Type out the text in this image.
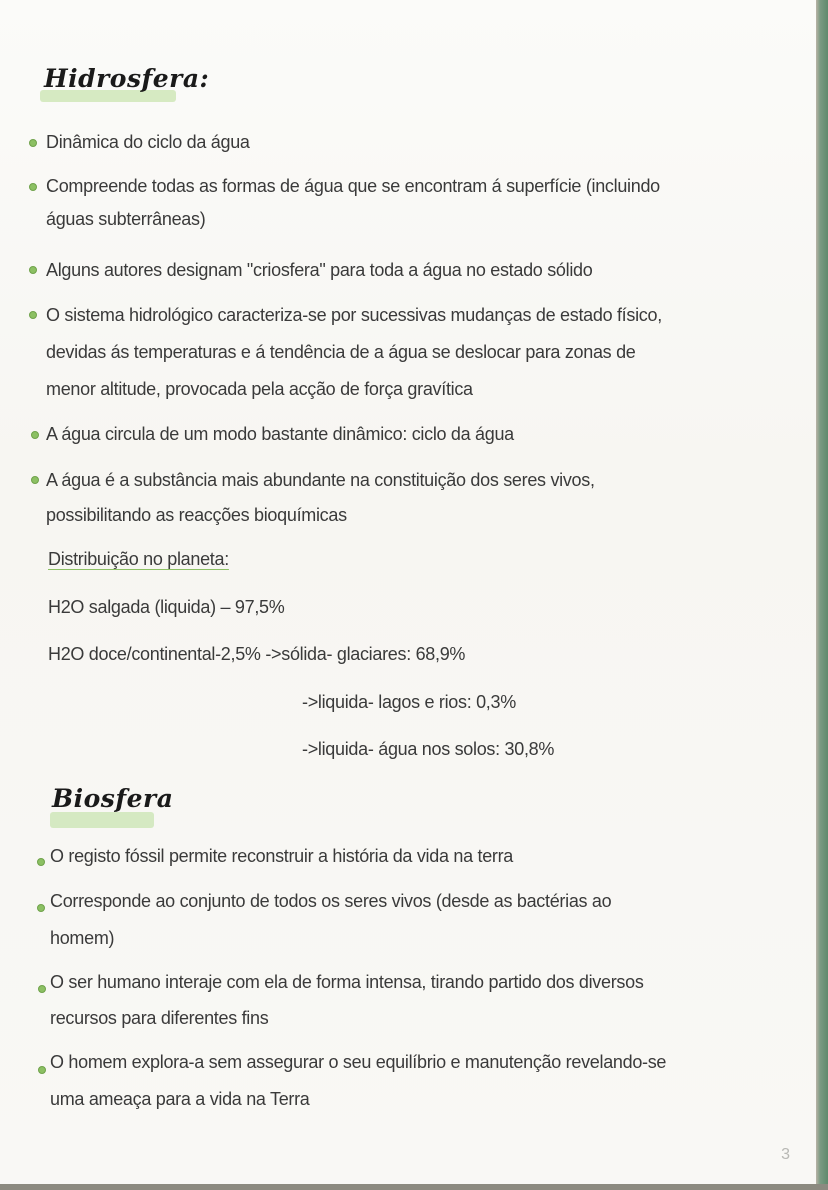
Hidrosfera:
Dinâmica do ciclo da água
Compreende todas as formas de água que se encontram á superfície (incluindo
águas subterrâneas)
Alguns autores designam "criosfera" para toda a água no estado sólido
O sistema hidrológico caracteriza-se por sucessivas mudanças de estado físico,
devidas ás temperaturas e á tendência de a água se deslocar para zonas de
menor altitude, provocada pela acção de força gravítica
A água circula de um modo bastante dinâmico: ciclo da água
A água é a substância mais abundante na constituição dos seres vivos,
possibilitando as reacções bioquímicas
Distribuição no planeta:
H2O salgada (liquida) – 97,5%
H2O doce/continental-2,5% ->sólida- glaciares: 68,9%
->liquida- lagos e rios: 0,3%
->liquida- água nos solos: 30,8%
Biosfera
O registo fóssil permite reconstruir a história da vida na terra
Corresponde ao conjunto de todos os seres vivos (desde as bactérias ao
homem)
O ser humano interaje com ela de forma intensa, tirando partido dos diversos
recursos para diferentes fins
O homem explora-a sem assegurar o seu equilíbrio e manutenção revelando-se
uma ameaça para a vida na Terra
3
